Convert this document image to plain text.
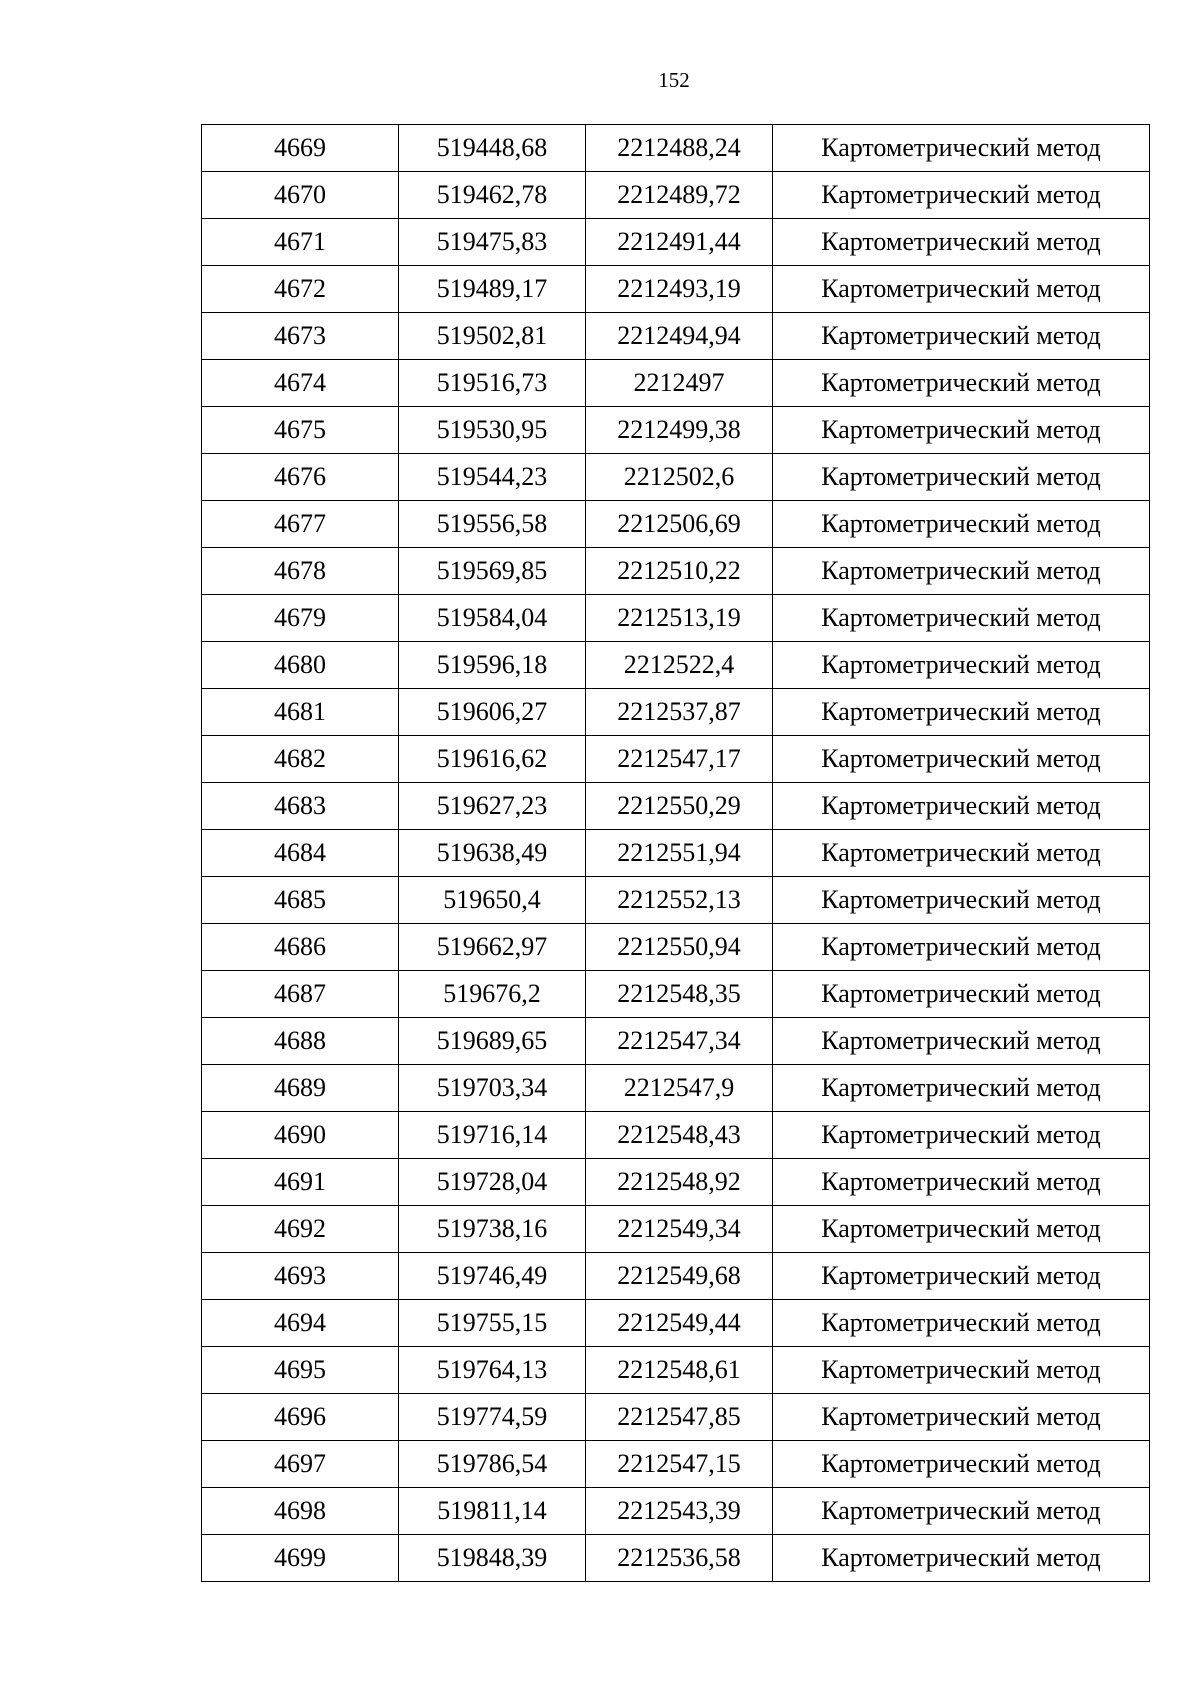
152
4669	519448,68	2212488,24	Картометрический метод
4670	519462,78	2212489,72	Картометрический метод
4671	519475,83	2212491,44	Картометрический метод
4672	519489,17	2212493,19	Картометрический метод
4673	519502,81	2212494,94	Картометрический метод
4674	519516,73	2212497	Картометрический метод
4675	519530,95	2212499,38	Картометрический метод
4676	519544,23	2212502,6	Картометрический метод
4677	519556,58	2212506,69	Картометрический метод
4678	519569,85	2212510,22	Картометрический метод
4679	519584,04	2212513,19	Картометрический метод
4680	519596,18	2212522,4	Картометрический метод
4681	519606,27	2212537,87	Картометрический метод
4682	519616,62	2212547,17	Картометрический метод
4683	519627,23	2212550,29	Картометрический метод
4684	519638,49	2212551,94	Картометрический метод
4685	519650,4	2212552,13	Картометрический метод
4686	519662,97	2212550,94	Картометрический метод
4687	519676,2	2212548,35	Картометрический метод
4688	519689,65	2212547,34	Картометрический метод
4689	519703,34	2212547,9	Картометрический метод
4690	519716,14	2212548,43	Картометрический метод
4691	519728,04	2212548,92	Картометрический метод
4692	519738,16	2212549,34	Картометрический метод
4693	519746,49	2212549,68	Картометрический метод
4694	519755,15	2212549,44	Картометрический метод
4695	519764,13	2212548,61	Картометрический метод
4696	519774,59	2212547,85	Картометрический метод
4697	519786,54	2212547,15	Картометрический метод
4698	519811,14	2212543,39	Картометрический метод
4699	519848,39	2212536,58	Картометрический метод
